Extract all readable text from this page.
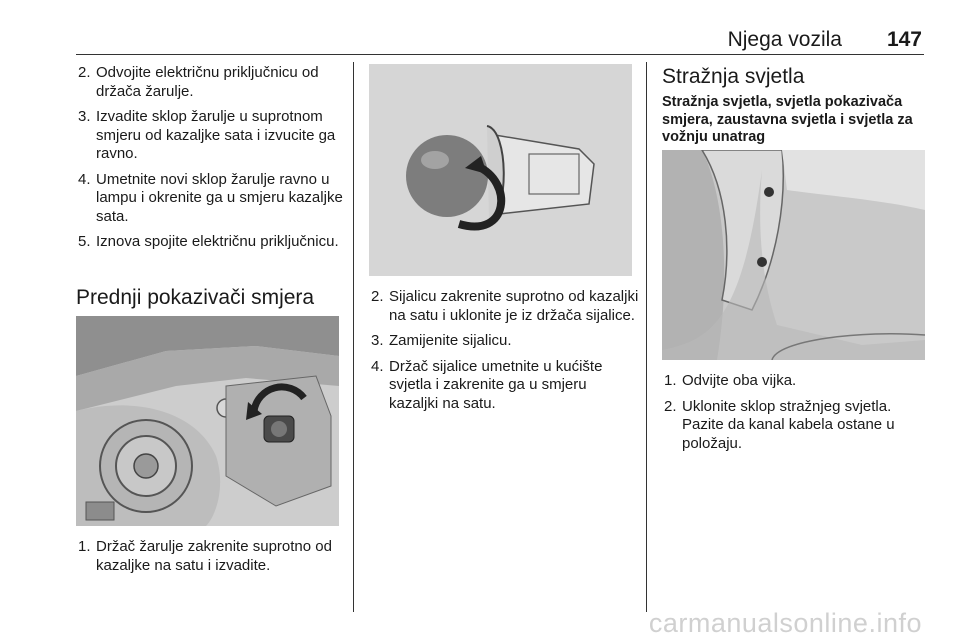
Njega vozila 147
2. Odvojite električnu priključnicu od držača žarulje.
3. Izvadite sklop žarulje u suprotnom smjeru od kazaljke sata i izvucite ga ravno.
4. Umetnite novi sklop žarulje ravno u lampu i okrenite ga u smjeru kazaljke sata.
5. Iznova spojite električnu priključnicu.
Prednji pokazivači smjera
1. Držač žarulje zakrenite suprotno od kazaljke na satu i izvadite.
2. Sijalicu zakrenite suprotno od kazaljki na satu i uklonite je iz držača sijalice.
3. Zamijenite sijalicu.
4. Držač sijalice umetnite u kućište svjetla i zakrenite ga u smjeru kazaljki na satu.
Stražnja svjetla
Stražnja svjetla, svjetla pokazivača smjera, zaustavna svjetla i svjetla za vožnju unatrag
1. Odvijte oba vijka.
2. Uklonite sklop stražnjeg svjetla. Pazite da kanal kabela ostane u položaju.
carmanualsonline.info
